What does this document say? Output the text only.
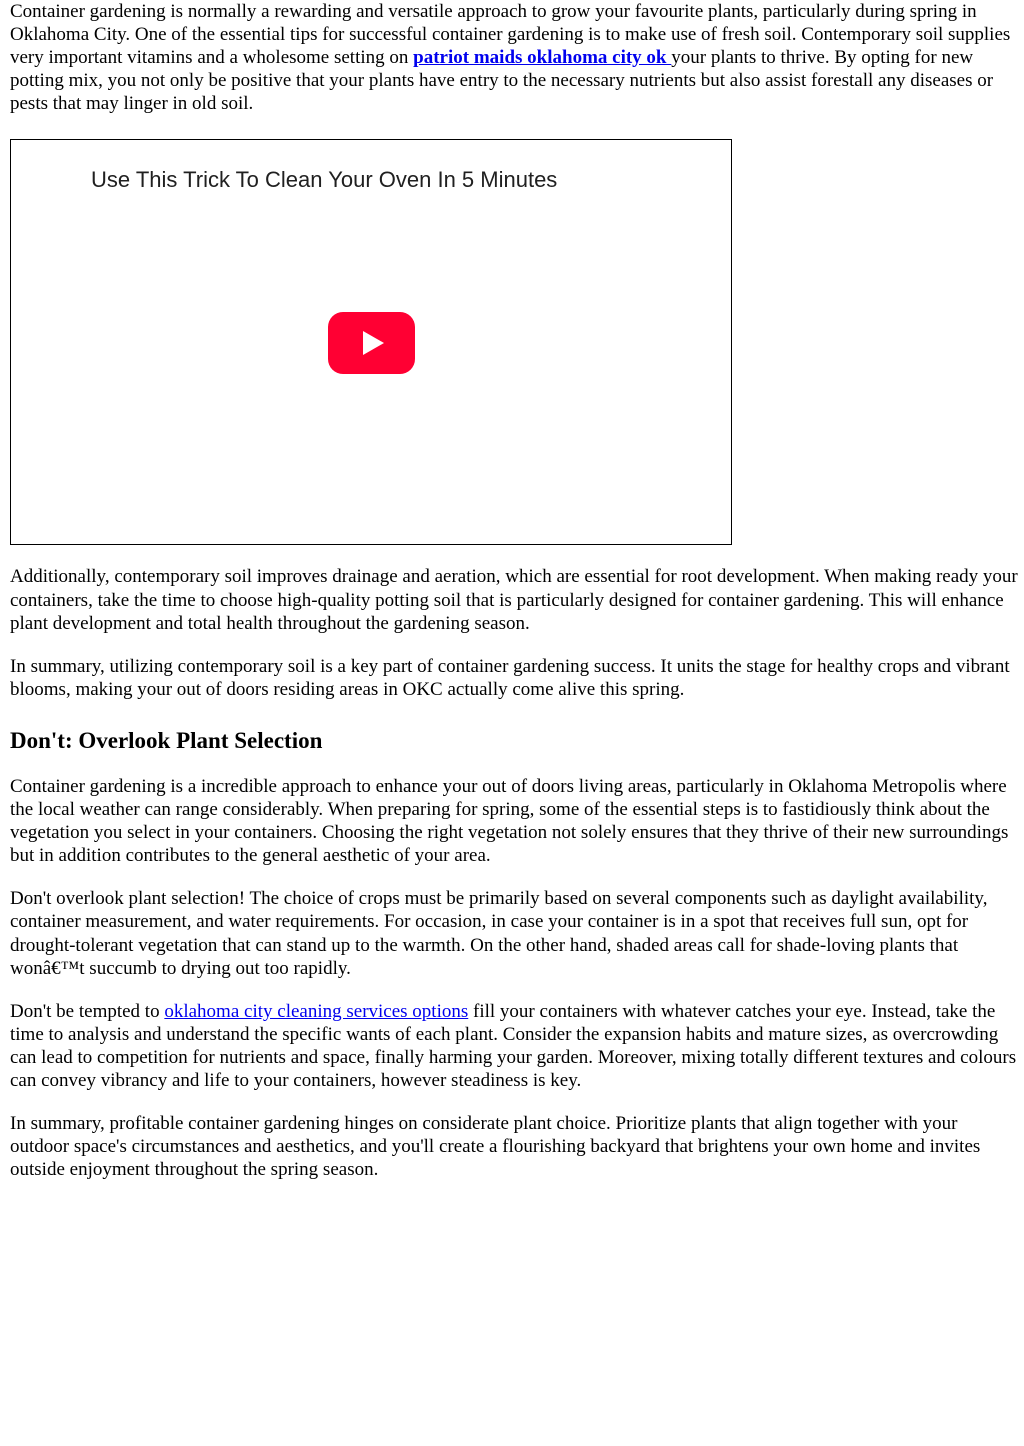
Container gardening is normally a rewarding and versatile approach to grow your favourite plants, particularly during spring in Oklahoma City. One of the essential tips for successful container gardening is to make use of fresh soil. Contemporary soil supplies very important vitamins and a wholesome setting on patriot maids oklahoma city ok your plants to thrive. By opting for new potting mix, you not only be positive that your plants have entry to the necessary nutrients but also assist forestall any diseases or pests that may linger in old soil.

Use This Trick To Clean Your Oven In 5 Minutes

Additionally, contemporary soil improves drainage and aeration, which are essential for root development. When making ready your containers, take the time to choose high-quality potting soil that is particularly designed for container gardening. This will enhance plant development and total health throughout the gardening season.

In summary, utilizing contemporary soil is a key part of container gardening success. It units the stage for healthy crops and vibrant blooms, making your out of doors residing areas in OKC actually come alive this spring.

Don't: Overlook Plant Selection

Container gardening is a incredible approach to enhance your out of doors living areas, particularly in Oklahoma Metropolis where the local weather can range considerably. When preparing for spring, some of the essential steps is to fastidiously think about the vegetation you select in your containers. Choosing the right vegetation not solely ensures that they thrive of their new surroundings but in addition contributes to the general aesthetic of your area.

Don't overlook plant selection! The choice of crops must be primarily based on several components such as daylight availability, container measurement, and water requirements. For occasion, in case your container is in a spot that receives full sun, opt for drought-tolerant vegetation that can stand up to the warmth. On the other hand, shaded areas call for shade-loving plants that wonâ€™t succumb to drying out too rapidly.

Don't be tempted to oklahoma city cleaning services options fill your containers with whatever catches your eye. Instead, take the time to analysis and understand the specific wants of each plant. Consider the expansion habits and mature sizes, as overcrowding can lead to competition for nutrients and space, finally harming your garden. Moreover, mixing totally different textures and colours can convey vibrancy and life to your containers, however steadiness is key.

In summary, profitable container gardening hinges on considerate plant choice. Prioritize plants that align together with your outdoor space's circumstances and aesthetics, and you'll create a flourishing backyard that brightens your own home and invites outside enjoyment throughout the spring season.
